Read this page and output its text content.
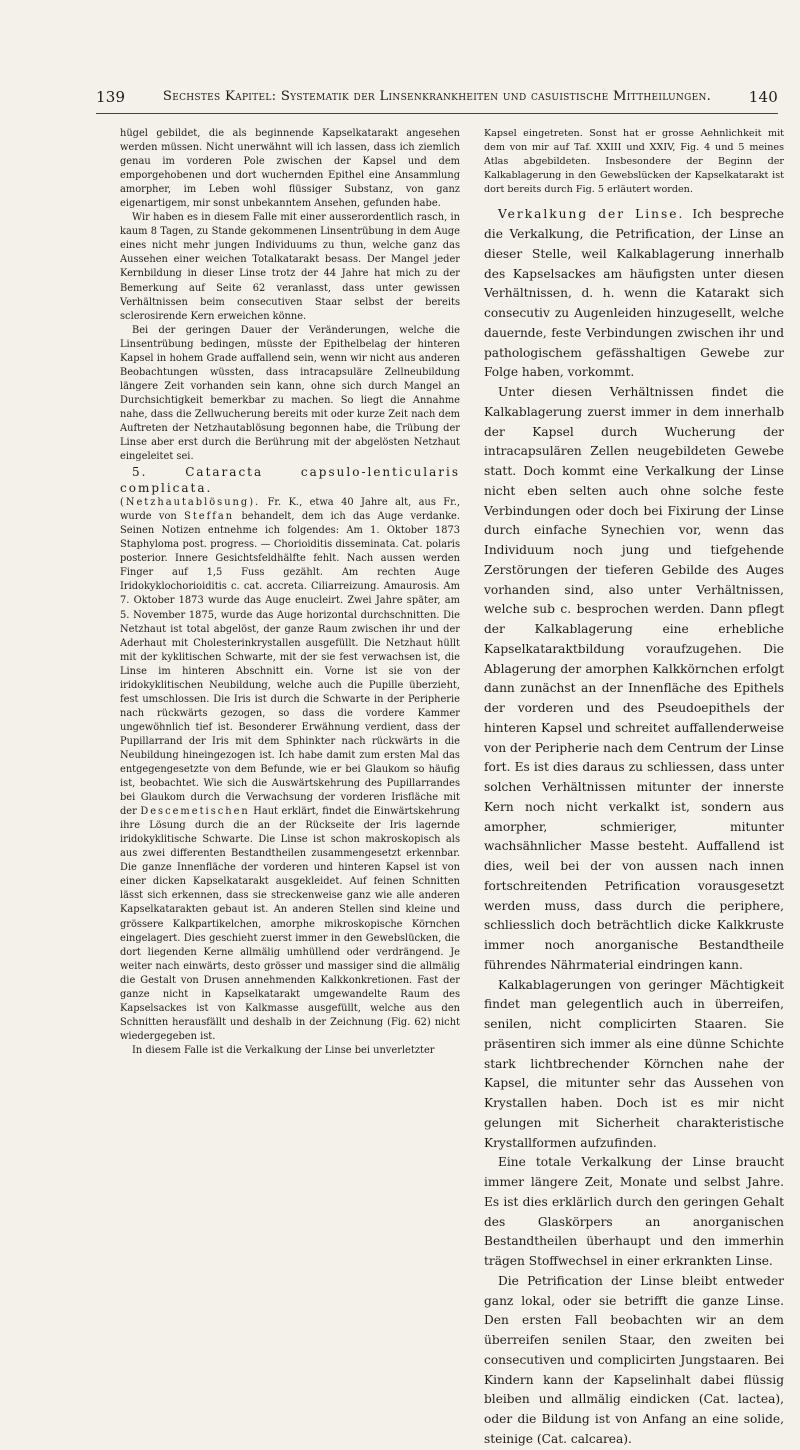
139	Sechstes Kapitel: Systematik der Linsenkrankheiten und casuistische Mittheilungen.	140

hügel gebildet, die als beginnende Kapselkatarakt angesehen werden müssen. Nicht unerwähnt will ich lassen, dass ich ziemlich genau im vorderen Pole zwischen der Kapsel und dem emporgehobenen und dort wuchernden Epithel eine Ansammlung amorpher, im Leben wohl flüssiger Substanz, von ganz eigenartigem, mir sonst unbekanntem Ansehen, gefunden habe.

Wir haben es in diesem Falle mit einer ausserordentlich rasch, in kaum 8 Tagen, zu Stande gekommenen Linsentrübung in dem Auge eines nicht mehr jungen Individuums zu thun, welche ganz das Aussehen einer weichen Totalkatarakt besass. Der Mangel jeder Kernbildung in dieser Linse trotz der 44 Jahre hat mich zu der Bemerkung auf Seite 62 veranlasst, dass unter gewissen Verhältnissen beim consecutiven Staar selbst der bereits sclerosirende Kern erweichen könne.

Bei der geringen Dauer der Veränderungen, welche die Linsentrübung bedingen, müsste der Epithelbelag der hinteren Kapsel in hohem Grade auffallend sein, wenn wir nicht aus anderen Beobachtungen wüssten, dass intracapsuläre Zellneubildung längere Zeit vorhanden sein kann, ohne sich durch Mangel an Durchsichtigkeit bemerkbar zu machen. So liegt die Annahme nahe, dass die Zellwucherung bereits mit oder kurze Zeit nach dem Auftreten der Netzhautablösung begonnen habe, die Trübung der Linse aber erst durch die Berührung mit der abgelösten Netzhaut eingeleitet sei.

5. Cataracta capsulo-lenticularis complicata.

(Netzhautablösung). Fr. K., etwa 40 Jahre alt, aus Fr., wurde von Steffan behandelt, dem ich das Auge verdanke. Seinen Notizen entnehme ich folgendes: Am 1. Oktober 1873 Staphyloma post. progress. — Chorioiditis disseminata. Cat. polaris posterior. Innere Gesichtsfeldhälfte fehlt. Nach aussen werden Finger auf 1,5 Fuss gezählt. Am rechten Auge Iridokyklochorioiditis c. cat. accreta. Ciliarreizung. Amaurosis. Am 7. Oktober 1873 wurde das Auge enucleirt. Zwei Jahre später, am 5. November 1875, wurde das Auge horizontal durchschnitten. Die Netzhaut ist total abgelöst, der ganze Raum zwischen ihr und der Aderhaut mit Cholesterinkrystallen ausgefüllt. Die Netzhaut hüllt mit der kyklitischen Schwarte, mit der sie fest verwachsen ist, die Linse im hinteren Abschnitt ein. Vorne ist sie von der iridokyklitischen Neubildung, welche auch die Pupille überzieht, fest umschlossen. Die Iris ist durch die Schwarte in der Peripherie nach rückwärts gezogen, so dass die vordere Kammer ungewöhnlich tief ist. Besonderer Erwähnung verdient, dass der Pupillarrand der Iris mit dem Sphinkter nach rückwärts in die Neubildung hineingezogen ist. Ich habe damit zum ersten Mal das entgegengesetzte von dem Befunde, wie er bei Glaukom so häufig ist, beobachtet. Wie sich die Auswärtskehrung des Pupillarrandes bei Glaukom durch die Verwachsung der vorderen Irisfläche mit der Descemetischen Haut erklärt, findet die Einwärtskehrung ihre Lösung durch die an der Rückseite der Iris lagernde iridokyklitische Schwarte. Die Linse ist schon makroskopisch als aus zwei differenten Bestandtheilen zusammengesetzt erkennbar. Die ganze Innenfläche der vorderen und hinteren Kapsel ist von einer dicken Kapselkatarakt ausgekleidet. Auf feinen Schnitten lässt sich erkennen, dass sie streckenweise ganz wie alle anderen Kapselkatarakten gebaut ist. An anderen Stellen sind kleine und grössere Kalkpartikelchen, amorphe mikroskopische Körnchen eingelagert. Dies geschieht zuerst immer in den Gewebslücken, die dort liegenden Kerne allmälig umhüllend oder verdrängend. Je weiter nach einwärts, desto grösser und massiger sind die allmälig die Gestalt von Drusen annehmenden Kalkkonkretionen. Fast der ganze nicht in Kapselkatarakt umgewandelte Raum des Kapselsackes ist von Kalkmasse ausgefüllt, welche aus den Schnitten herausfällt und deshalb in der Zeichnung (Fig. 62) nicht wiedergegeben ist.

In diesem Falle ist die Verkalkung der Linse bei unverletzter

Kapsel eingetreten. Sonst hat er grosse Aehnlichkeit mit dem von mir auf Taf. XXIII und XXIV, Fig. 4 und 5 meines Atlas abgebildeten. Insbesondere der Beginn der Kalkablagerung in den Gewebslücken der Kapselkatarakt ist dort bereits durch Fig. 5 erläutert worden.

Verkalkung der Linse. Ich bespreche die Verkalkung, die Petrification, der Linse an dieser Stelle, weil Kalkablagerung innerhalb des Kapselsackes am häufigsten unter diesen Verhältnissen, d. h. wenn die Katarakt sich consecutiv zu Augenleiden hinzugesellt, welche dauernde, feste Verbindungen zwischen ihr und pathologischem gefässhaltigen Gewebe zur Folge haben, vorkommt.

Unter diesen Verhältnissen findet die Kalkablagerung zuerst immer in dem innerhalb der Kapsel durch Wucherung der intracapsulären Zellen neugebildeten Gewebe statt. Doch kommt eine Verkalkung der Linse nicht eben selten auch ohne solche feste Verbindungen oder doch bei Fixirung der Linse durch einfache Synechien vor, wenn das Individuum noch jung und tiefgehende Zerstörungen der tieferen Gebilde des Auges vorhanden sind, also unter Verhältnissen, welche sub c. besprochen werden. Dann pflegt der Kalkablagerung eine erhebliche Kapselkataraktbildung voraufzugehen. Die Ablagerung der amorphen Kalkkörnchen erfolgt dann zunächst an der Innenfläche des Epithels der vorderen und des Pseudoepithels der hinteren Kapsel und schreitet auffallenderweise von der Peripherie nach dem Centrum der Linse fort. Es ist dies daraus zu schliessen, dass unter solchen Verhältnissen mitunter der innerste Kern noch nicht verkalkt ist, sondern aus amorpher, schmieriger, mitunter wachsähnlicher Masse besteht. Auffallend ist dies, weil bei der von aussen nach innen fortschreitenden Petrification vorausgesetzt werden muss, dass durch die periphere, schliesslich doch beträchtlich dicke Kalkkruste immer noch anorganische Bestandtheile führendes Nährmaterial eindringen kann.

Kalkablagerungen von geringer Mächtigkeit findet man gelegentlich auch in überreifen, senilen, nicht complicirten Staaren. Sie präsentiren sich immer als eine dünne Schichte stark lichtbrechender Körnchen nahe der Kapsel, die mitunter sehr das Aussehen von Krystallen haben. Doch ist es mir nicht gelungen mit Sicherheit charakteristische Krystallformen aufzufinden.

Eine totale Verkalkung der Linse braucht immer längere Zeit, Monate und selbst Jahre. Es ist dies erklärlich durch den geringen Gehalt des Glaskörpers an anorganischen Bestandtheilen überhaupt und den immerhin trägen Stoffwechsel in einer erkrankten Linse.

Die Petrification der Linse bleibt entweder ganz lokal, oder sie betrifft die ganze Linse. Den ersten Fall beobachten wir an dem überreifen senilen Staar, den zweiten bei consecutiven und complicirten Jungstaaren. Bei Kindern kann der Kapselinhalt dabei flüssig bleiben und allmälig eindicken (Cat. lactea), oder die Bildung ist von Anfang an eine solide, steinige (Cat. calcarea).
